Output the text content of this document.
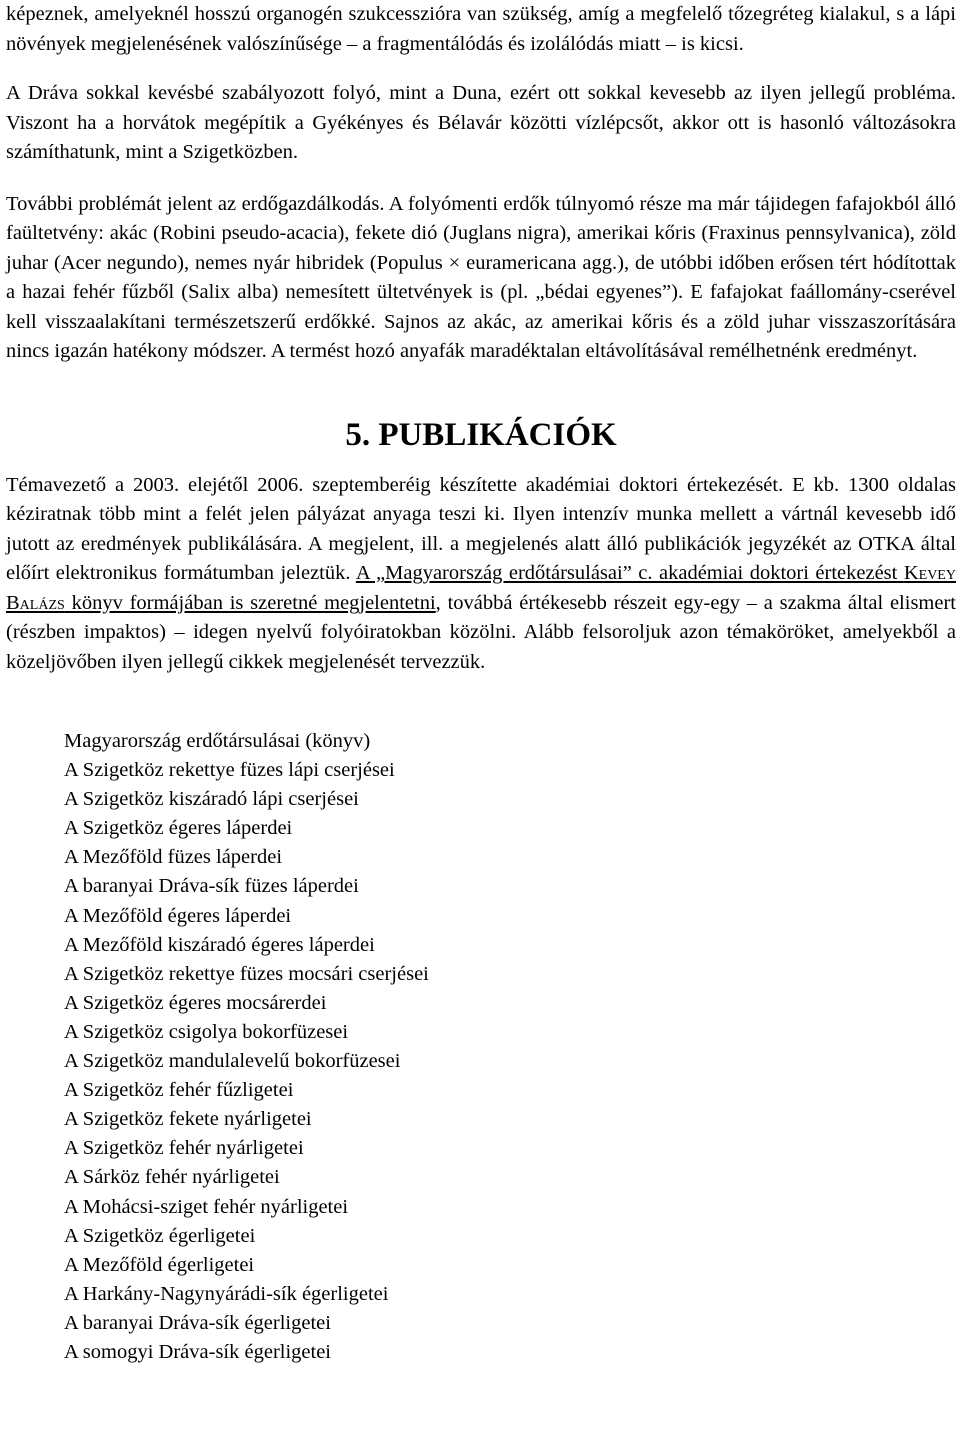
képeznek, amelyeknél hosszú organogén szukcesszióra van szükség, amíg a megfelelő tőzegréteg kialakul, s a lápi növények megjelenésének valószínűsége – a fragmentálódás és izolálódás miatt – is kicsi.

A Dráva sokkal kevésbé szabályozott folyó, mint a Duna, ezért ott sokkal kevesebb az ilyen jellegű probléma. Viszont ha a horvátok megépítik a Gyékényes és Bélavár közötti vízlépcsőt, akkor ott is hasonló változásokra számíthatunk, mint a Szigetközben.

További problémát jelent az erdőgazdálkodás. A folyómenti erdők túlnyomó része ma már tájidegen fafajokból álló faültetvény: akác (Robini pseudo-acacia), fekete dió (Juglans nigra), amerikai kőris (Fraxinus pennsylvanica), zöld juhar (Acer negundo), nemes nyár hibridek (Populus × euramericana agg.), de utóbbi időben erősen tért hódítottak a hazai fehér fűzből (Salix alba) nemesített ültetvények is (pl. „bédai egyenes”). E fafajokat faállomány-cserével kell visszaalakítani természetszerű erdőkké. Sajnos az akác, az amerikai kőris és a zöld juhar visszaszorítására nincs igazán hatékony módszer. A termést hozó anyafák maradéktalan eltávolításával remélhetnénk eredményt.

5. PUBLIKÁCIÓK

Témavezető a 2003. elejétől 2006. szeptemberéig készítette akadémiai doktori értekezését. E kb. 1300 oldalas kéziratnak több mint a felét jelen pályázat anyaga teszi ki. Ilyen intenzív munka mellett a vártnál kevesebb idő jutott az eredmények publikálására. A megjelent, ill. a megjelenés alatt álló publikációk jegyzékét az OTKA által előírt elektronikus formátumban jeleztük. A „Magyarország erdőtársulásai” c. akadémiai doktori értekezést Kevey Balázs könyv formájában is szeretné megjelentetni, továbbá értékesebb részeit egy-egy – a szakma által elismert (részben impaktos) – idegen nyelvű folyóiratokban közölni. Alább felsoroljuk azon témaköröket, amelyekből a közeljövőben ilyen jellegű cikkek megjelenését tervezzük.

Magyarország erdőtársulásai (könyv)
A Szigetköz rekettye füzes lápi cserjései
A Szigetköz kiszáradó lápi cserjései
A Szigetköz égeres láperdei
A Mezőföld füzes láperdei
A baranyai Dráva-sík füzes láperdei
A Mezőföld égeres láperdei
A Mezőföld kiszáradó égeres láperdei
A Szigetköz rekettye füzes mocsári cserjései
A Szigetköz égeres mocsárerdei
A Szigetköz csigolya bokorfüzesei
A Szigetköz mandulalevelű bokorfüzesei
A Szigetköz fehér fűzligetei
A Szigetköz fekete nyárligetei
A Szigetköz fehér nyárligetei
A Sárköz fehér nyárligetei
A Mohácsi-sziget fehér nyárligetei
A Szigetköz égerligetei
A Mezőföld égerligetei
A Harkány-Nagynyárádi-sík égerligetei
A baranyai Dráva-sík égerligetei
A somogyi Dráva-sík égerligetei
